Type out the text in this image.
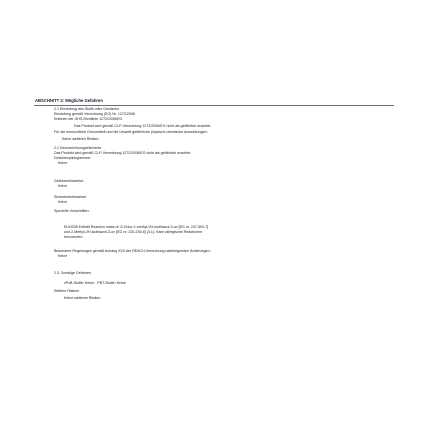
ABSCHNITT 2: Mögliche Gefahren
2.1 Einstufung des Stoffs oder Gemischs
Einstufung gemäß Verordnung (EG) Nr. 1272/2008
Kriterien der GHS-Richtlinie 1272/2008/EG
Das Produkt wird gemäß CLP-Verordnung 1272/2008/EG nicht als gefährlich erachtet.
Für die menschliche Gesundheit und die Umwelt gefährliche physisch-chemische Auswirkungen:
Keine weiteren Risiken
2.2 Kennzeichnungselemente
Das Produkt wird gemäß CLP-Verordnung 1272/2008/EG nicht als gefährlich erachtet.
Gefahrenpiktogramme:
Keine
Gefahrenhinweise:
Keine
Sicherheitshinweise:
Keine
Spezielle Vorschriften:
EUH208 Enthält Reaction mass of: 5-Chlor-2-methyl-2H-isothiazol-3-on [EG nr. 247-500-7]
und 2-Methyl-2H-isothiazol-3-on [EG nr. 220-239-6] (3:1). Kann allergische Reaktionen
hervorrufen.
Besondere Regelungen gemäß Anhang XVII der REACH-Verordnung nachfolgenden Änderungen:
Keine
2.3. Sonstige Gefahren
vPvB-Stoffe: Keine - PBT-Stoffe: Keine
Weitere Risiken
Keine weiteren Risiken
